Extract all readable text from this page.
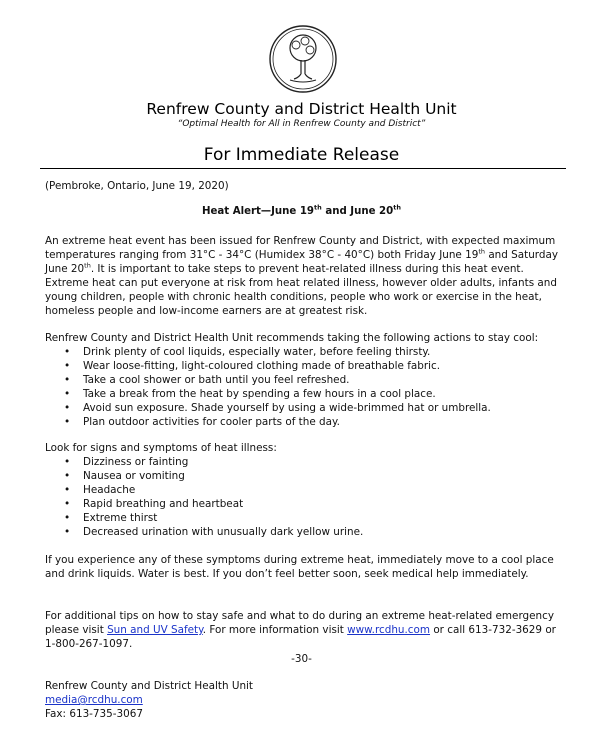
Renfrew County and District Health Unit
“Optimal Health for All in Renfrew County and District”
For Immediate Release
(Pembroke, Ontario, June 19, 2020)
Heat Alert—June 19th and June 20th

An extreme heat event has been issued for Renfrew County and District, with expected maximum temperatures ranging from 31°C - 34°C (Humidex 38°C - 40°C) both Friday June 19th and Saturday June 20th. It is important to take steps to prevent heat-related illness during this heat event. Extreme heat can put everyone at risk from heat related illness, however older adults, infants and young children, people with chronic health conditions, people who work or exercise in the heat, homeless people and low-income earners are at greatest risk.

Renfrew County and District Health Unit recommends taking the following actions to stay cool:
• Drink plenty of cool liquids, especially water, before feeling thirsty.
• Wear loose-fitting, light-coloured clothing made of breathable fabric.
• Take a cool shower or bath until you feel refreshed.
• Take a break from the heat by spending a few hours in a cool place.
• Avoid sun exposure. Shade yourself by using a wide-brimmed hat or umbrella.
• Plan outdoor activities for cooler parts of the day.
Look for signs and symptoms of heat illness:
• Dizziness or fainting
• Nausea or vomiting
• Headache
• Rapid breathing and heartbeat
• Extreme thirst
• Decreased urination with unusually dark yellow urine.

If you experience any of these symptoms during extreme heat, immediately move to a cool place and drink liquids. Water is best. If you don’t feel better soon, seek medical help immediately.

For additional tips on how to stay safe and what to do during an extreme heat-related emergency please visit Sun and UV Safety. For more information visit www.rcdhu.com or call 613-732-3629 or 1-800-267-1097.

-30-
Renfrew County and District Health Unit
media@rcdhu.com
Fax: 613-735-3067
